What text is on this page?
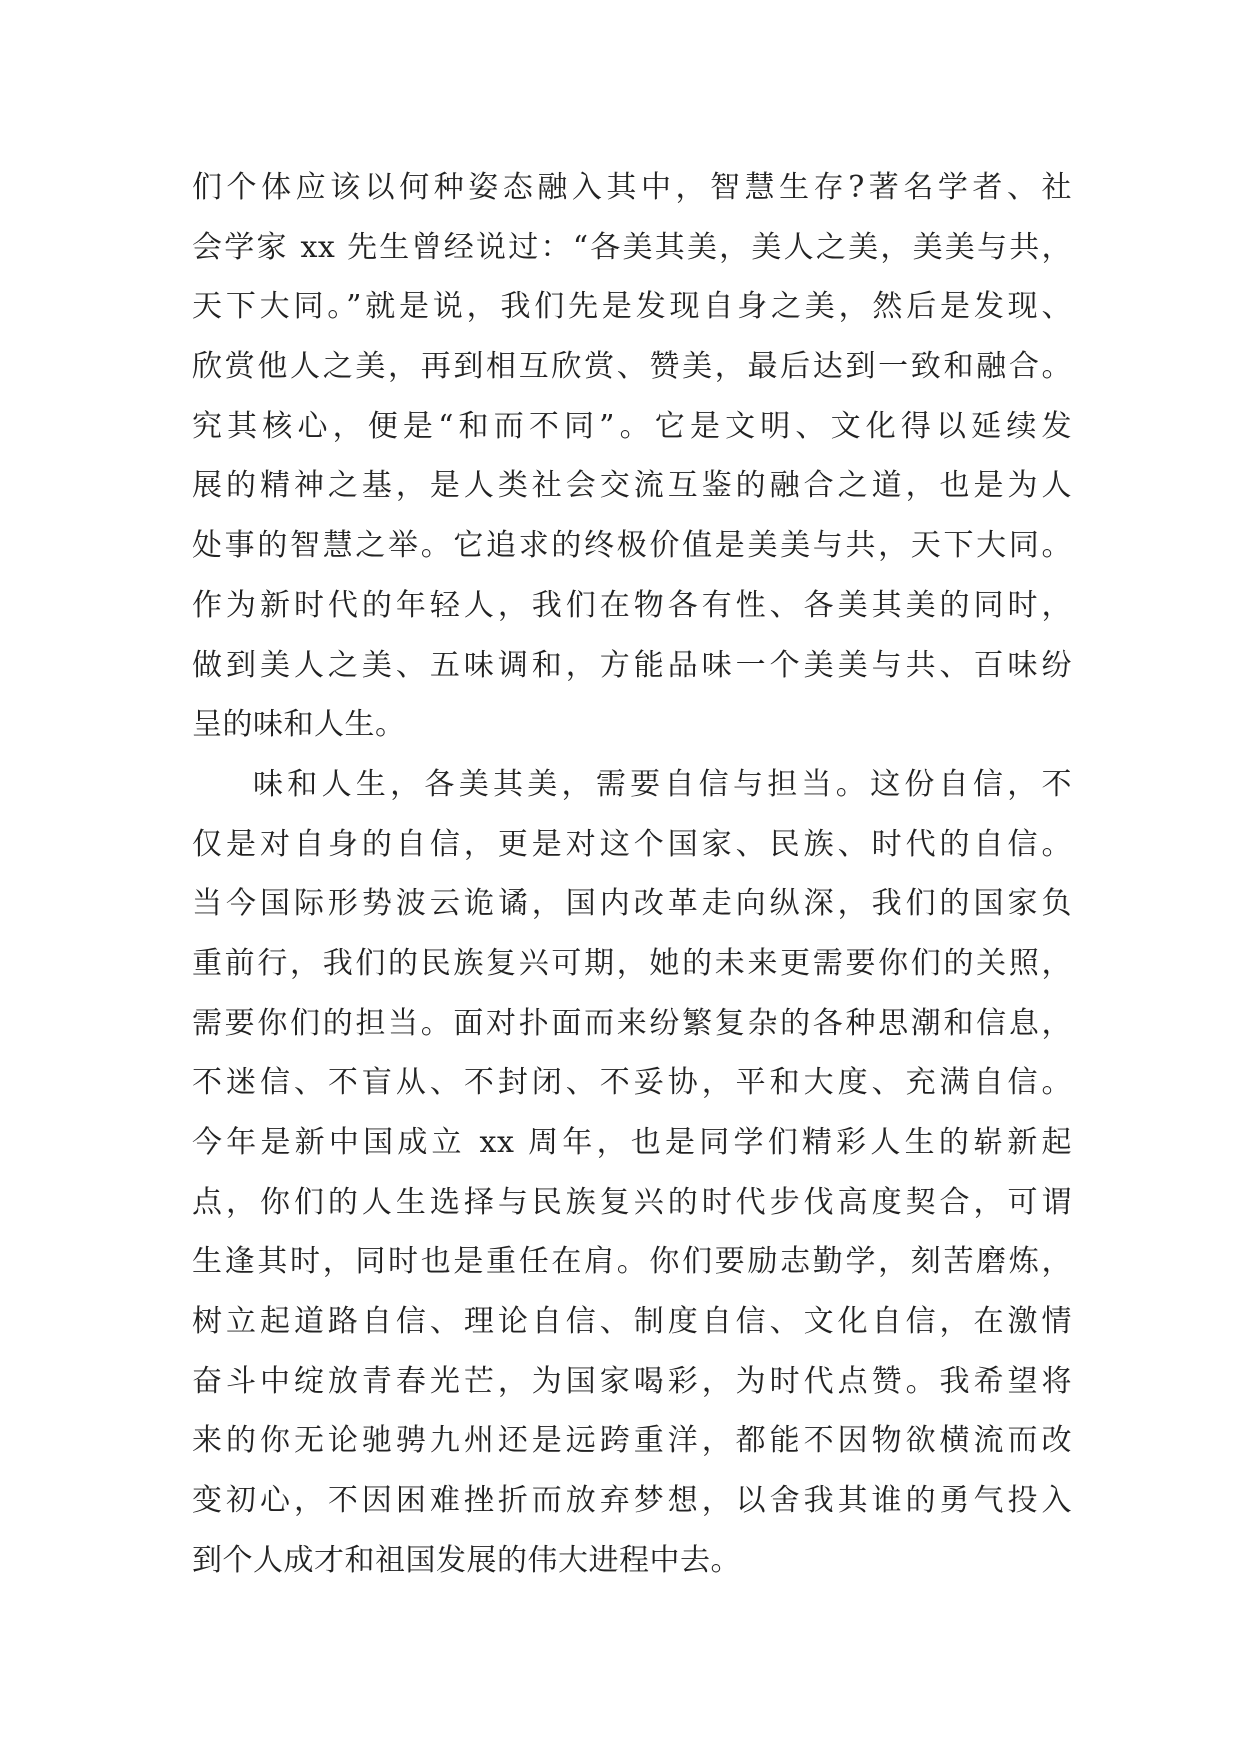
们个体应该以何种姿态融入其中，智慧生存?著名学者、社
会学家 xx 先生曾经说过：“各美其美，美人之美，美美与共，
天下大同。”就是说，我们先是发现自身之美，然后是发现、
欣赏他人之美，再到相互欣赏、赞美，最后达到一致和融合。
究其核心，便是“和而不同”。它是文明、文化得以延续发
展的精神之基，是人类社会交流互鉴的融合之道，也是为人
处事的智慧之举。它追求的终极价值是美美与共，天下大同。
作为新时代的年轻人，我们在物各有性、各美其美的同时，
做到美人之美、五味调和，方能品味一个美美与共、百味纷
呈的味和人生。
味和人生，各美其美，需要自信与担当。这份自信，不
仅是对自身的自信，更是对这个国家、民族、时代的自信。
当今国际形势波云诡谲，国内改革走向纵深，我们的国家负
重前行，我们的民族复兴可期，她的未来更需要你们的关照，
需要你们的担当。面对扑面而来纷繁复杂的各种思潮和信息，
不迷信、不盲从、不封闭、不妥协，平和大度、充满自信。
今年是新中国成立 xx 周年，也是同学们精彩人生的崭新起
点，你们的人生选择与民族复兴的时代步伐高度契合，可谓
生逢其时，同时也是重任在肩。你们要励志勤学，刻苦磨炼，
树立起道路自信、理论自信、制度自信、文化自信，在激情
奋斗中绽放青春光芒，为国家喝彩，为时代点赞。我希望将
来的你无论驰骋九州还是远跨重洋，都能不因物欲横流而改
变初心，不因困难挫折而放弃梦想，以舍我其谁的勇气投入
到个人成才和祖国发展的伟大进程中去。
